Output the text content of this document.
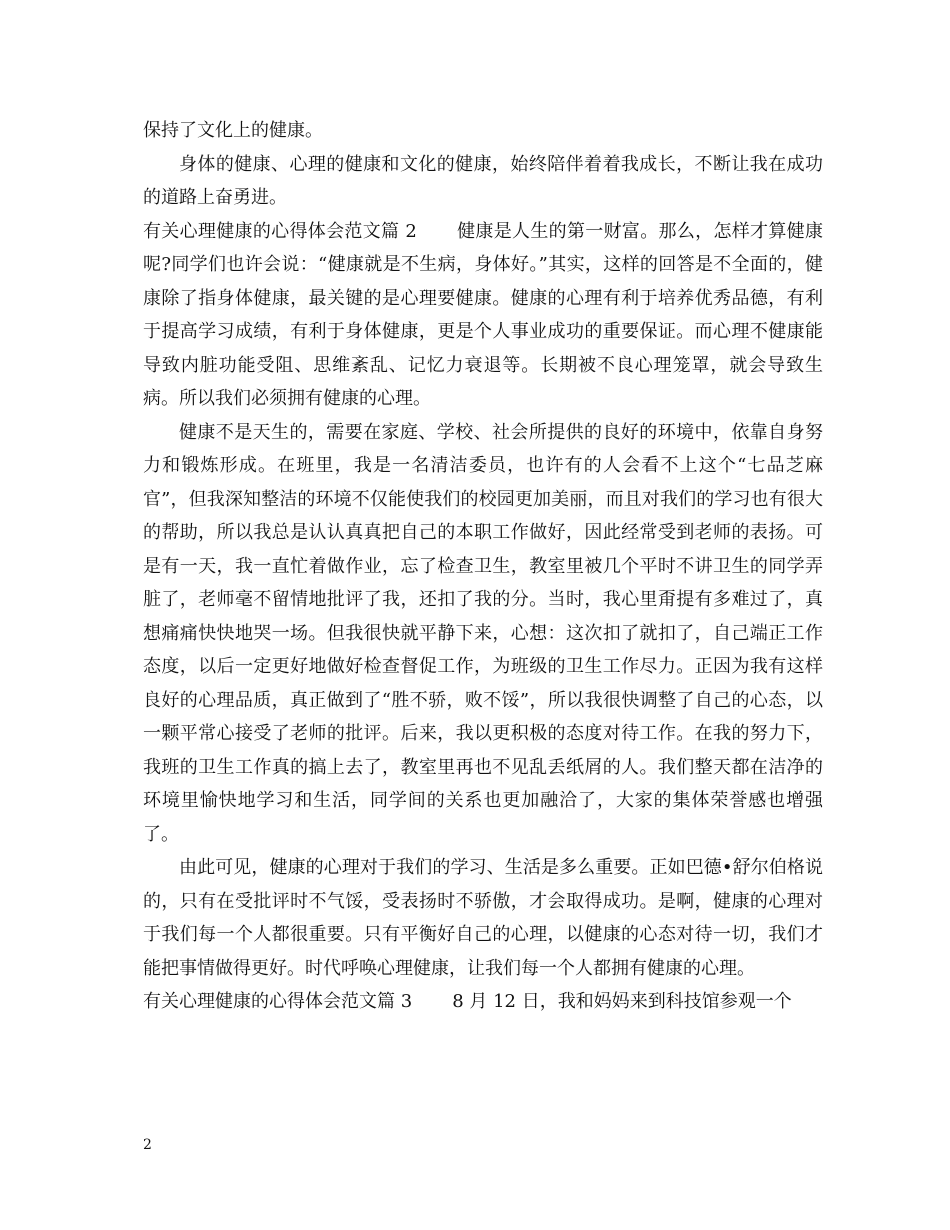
保持了文化上的健康。

身体的健康、心理的健康和文化的健康，始终陪伴着着我成长，不断让我在成功的道路上奋勇进。

有关心理健康的心得体会范文篇 2 健康是人生的第一财富。那么，怎样才算健康呢?同学们也许会说：“健康就是不生病，身体好。”其实，这样的回答是不全面的，健康除了指身体健康，最关键的是心理要健康。健康的心理有利于培养优秀品德，有利于提高学习成绩，有利于身体健康，更是个人事业成功的重要保证。而心理不健康能导致内脏功能受阻、思维紊乱、记忆力衰退等。长期被不良心理笼罩，就会导致生病。所以我们必须拥有健康的心理。

健康不是天生的，需要在家庭、学校、社会所提供的良好的环境中，依靠自身努力和锻炼形成。在班里，我是一名清洁委员，也许有的人会看不上这个“七品芝麻官”，但我深知整洁的环境不仅能使我们的校园更加美丽，而且对我们的学习也有很大的帮助，所以我总是认认真真把自己的本职工作做好，因此经常受到老师的表扬。可是有一天，我一直忙着做作业，忘了检查卫生，教室里被几个平时不讲卫生的同学弄脏了，老师毫不留情地批评了我，还扣了我的分。当时，我心里甭提有多难过了，真想痛痛快快地哭一场。但我很快就平静下来，心想：这次扣了就扣了，自己端正工作态度，以后一定更好地做好检查督促工作，为班级的卫生工作尽力。正因为我有这样良好的心理品质，真正做到了“胜不骄，败不馁”，所以我很快调整了自己的心态，以一颗平常心接受了老师的批评。后来，我以更积极的态度对待工作。在我的努力下，我班的卫生工作真的搞上去了，教室里再也不见乱丢纸屑的人。我们整天都在洁净的环境里愉快地学习和生活，同学间的关系也更加融洽了，大家的集体荣誉感也增强了。

由此可见，健康的心理对于我们的学习、生活是多么重要。正如巴德•舒尔伯格说的，只有在受批评时不气馁，受表扬时不骄傲，才会取得成功。是啊，健康的心理对于我们每一个人都很重要。只有平衡好自己的心理，以健康的心态对待一切，我们才能把事情做得更好。时代呼唤心理健康，让我们每一个人都拥有健康的心理。

有关心理健康的心得体会范文篇 3 8 月 12 日，我和妈妈来到科技馆参观一个

2
